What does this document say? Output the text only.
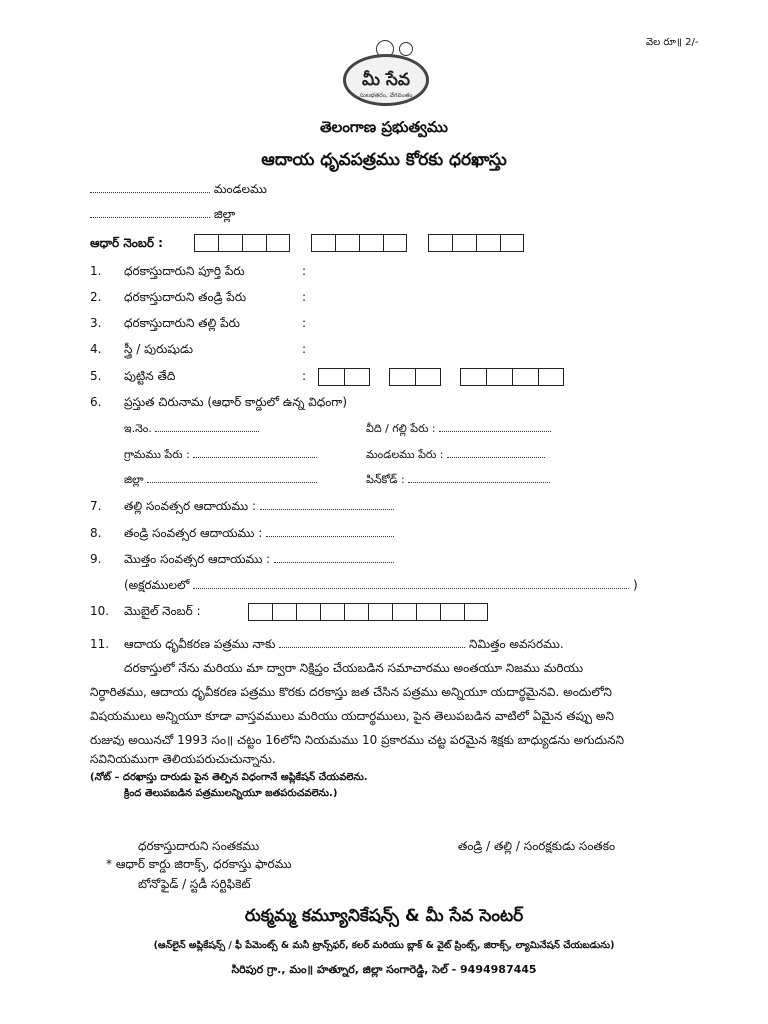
వెల రూ॥ 2/-
మీ సేవ
సులభతరం, వేగవంతం
తెలంగాణ ప్రభుత్వము
ఆదాయ ధృవపత్రము కోరకు ధరఖాస్తు
మండలము
జిల్లా
ఆధార్ నెంబర్ :

1. ధరకాస్తుదారుని పూర్తి పేరు	:
2. ధరకాస్తుదారుని తండ్రి పేరు	:
3. ధరకాస్తుదారుని తల్లి పేరు	:
4. స్త్రీ / పురుషుడు	:
5. పుట్టిన తేది	:

6. ప్రస్తుత చిరునామ (ఆధార్ కార్డులో ఉన్న విధంగా)
ఇ.నెం.	వీది / గల్లి పేరు :
గ్రామము పేరు :	మండలము పేరు :
జిల్లా	పిన్‌కోడ్ :
7. తల్లి సంవత్సర ఆదాయము :
8. తండ్రి సంవత్సర ఆదాయము :
9. మొత్తం సంవత్సర ఆదాయము :
(అక్షరములలో	)
10. మొబైల్ నెంబర్ :
11. ఆదాయ ధృవీకరణ పత్రము నాకు	నిమిత్తం అవసరము.
దరకాస్తులో నేను మరియు మా ద్వారా నిక్షిప్తం చేయబడిన సమాచారము అంతయూ నిజము మరియు
నిర్ధారితము, ఆదాయ ధృవీకరణ పత్రము కొరకు దరకాస్తు జత చేసిన పత్రము అన్నియూ యదార్థమైనవి. అందులోని
విషయములు అన్నియూ కూడా వాస్తవములు మరియు యదార్థములు, పైన తెలుపబడిన వాటిలో ఏమైన తప్పు అని
రుజువు అయినచో 1993 సం॥ చట్టం 16లోని నియమము 10 ప్రకారము చట్ట పరమైన శిక్షకు బాధ్యుడను అగుదునని
సవినియముగా తెలియపరుచుచున్నాను.
(నోట్ – దరఖాస్తు దారుడు పైన తెల్పిన విధంగానే అప్లికేషన్ చేయవలెను.
క్రింద తెలుపబడిన పత్రములన్నియూ జతపరుచవలెను.)
ధరకాస్తుదారుని సంతకము	తండ్రి / తల్లి / సంరక్షకుడు సంతకం
* ఆధార్ కార్డు జిరాక్స్, ధరకాస్తు ఫారము
బోనోఫైడ్ / స్టడీ సర్టిఫికెట్
రుక్మమ్మ కమ్యూనికేషన్స్ & మీ సేవ సెంటర్
(ఆన్‌లైన్ అప్లికేషన్స్ / ఫీ పేమెంట్స్ & మనీ ట్రాన్స్‌ఫర్, కలర్ మరియు బ్లాక్ & వైట్ ప్రింట్స్, జిరాక్స్, ల్యామినేషన్ చేయబడును)
సిరిపుర గ్రా., మం॥ హత్నూర, జిల్లా సంగారెడ్డి, సెల్ - 9494987445
